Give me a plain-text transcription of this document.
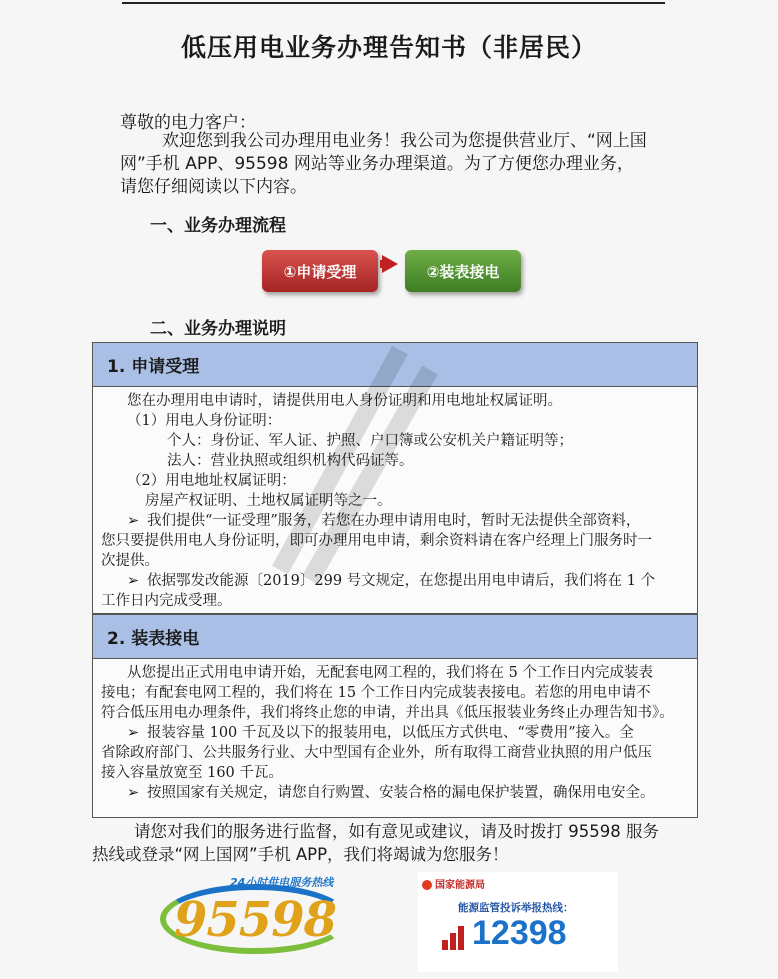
低压用电业务办理告知书（非居民）
尊敬的电力客户：
欢迎您到我公司办理用电业务！我公司为您提供营业厅、“网上国
网”手机 APP、95598 网站等业务办理渠道。为了方便您办理业务，
请您仔细阅读以下内容。
一、业务办理流程
①申请受理	②装表接电
二、业务办理说明
1. 申请受理
您在办理用电申请时，请提供用电人身份证明和用电地址权属证明。
（1）用电人身份证明：
个人：身份证、军人证、护照、户口簿或公安机关户籍证明等；
法人：营业执照或组织机构代码证等。
（2）用电地址权属证明：
房屋产权证明、土地权属证明等之一。
➢ 我们提供“一证受理”服务，若您在办理申请用电时，暂时无法提供全部资料，
您只要提供用电人身份证明，即可办理用电申请，剩余资料请在客户经理上门服务时一
次提供。
➢ 依据鄂发改能源〔2019〕299 号文规定，在您提出用电申请后，我们将在 1 个
工作日内完成受理。
2. 装表接电
从您提出正式用电申请开始，无配套电网工程的，我们将在 5 个工作日内完成装表
接电；有配套电网工程的，我们将在 15 个工作日内完成装表接电。若您的用电申请不
符合低压用电办理条件，我们将终止您的申请，并出具《低压报装业务终止办理告知书》。
➢ 报装容量 100 千瓦及以下的报装用电，以低压方式供电、“零费用”接入。全
省除政府部门、公共服务行业、大中型国有企业外，所有取得工商营业执照的用户低压
接入容量放宽至 160 千瓦。
➢ 按照国家有关规定，请您自行购置、安装合格的漏电保护装置，确保用电安全。
请您对我们的服务进行监督，如有意见或建议，请及时拨打 95598 服务
热线或登录“网上国网”手机 APP，我们将竭诚为您服务！
24小时供电服务热线
95598
国家能源局
能源监管投诉举报热线：
12398
